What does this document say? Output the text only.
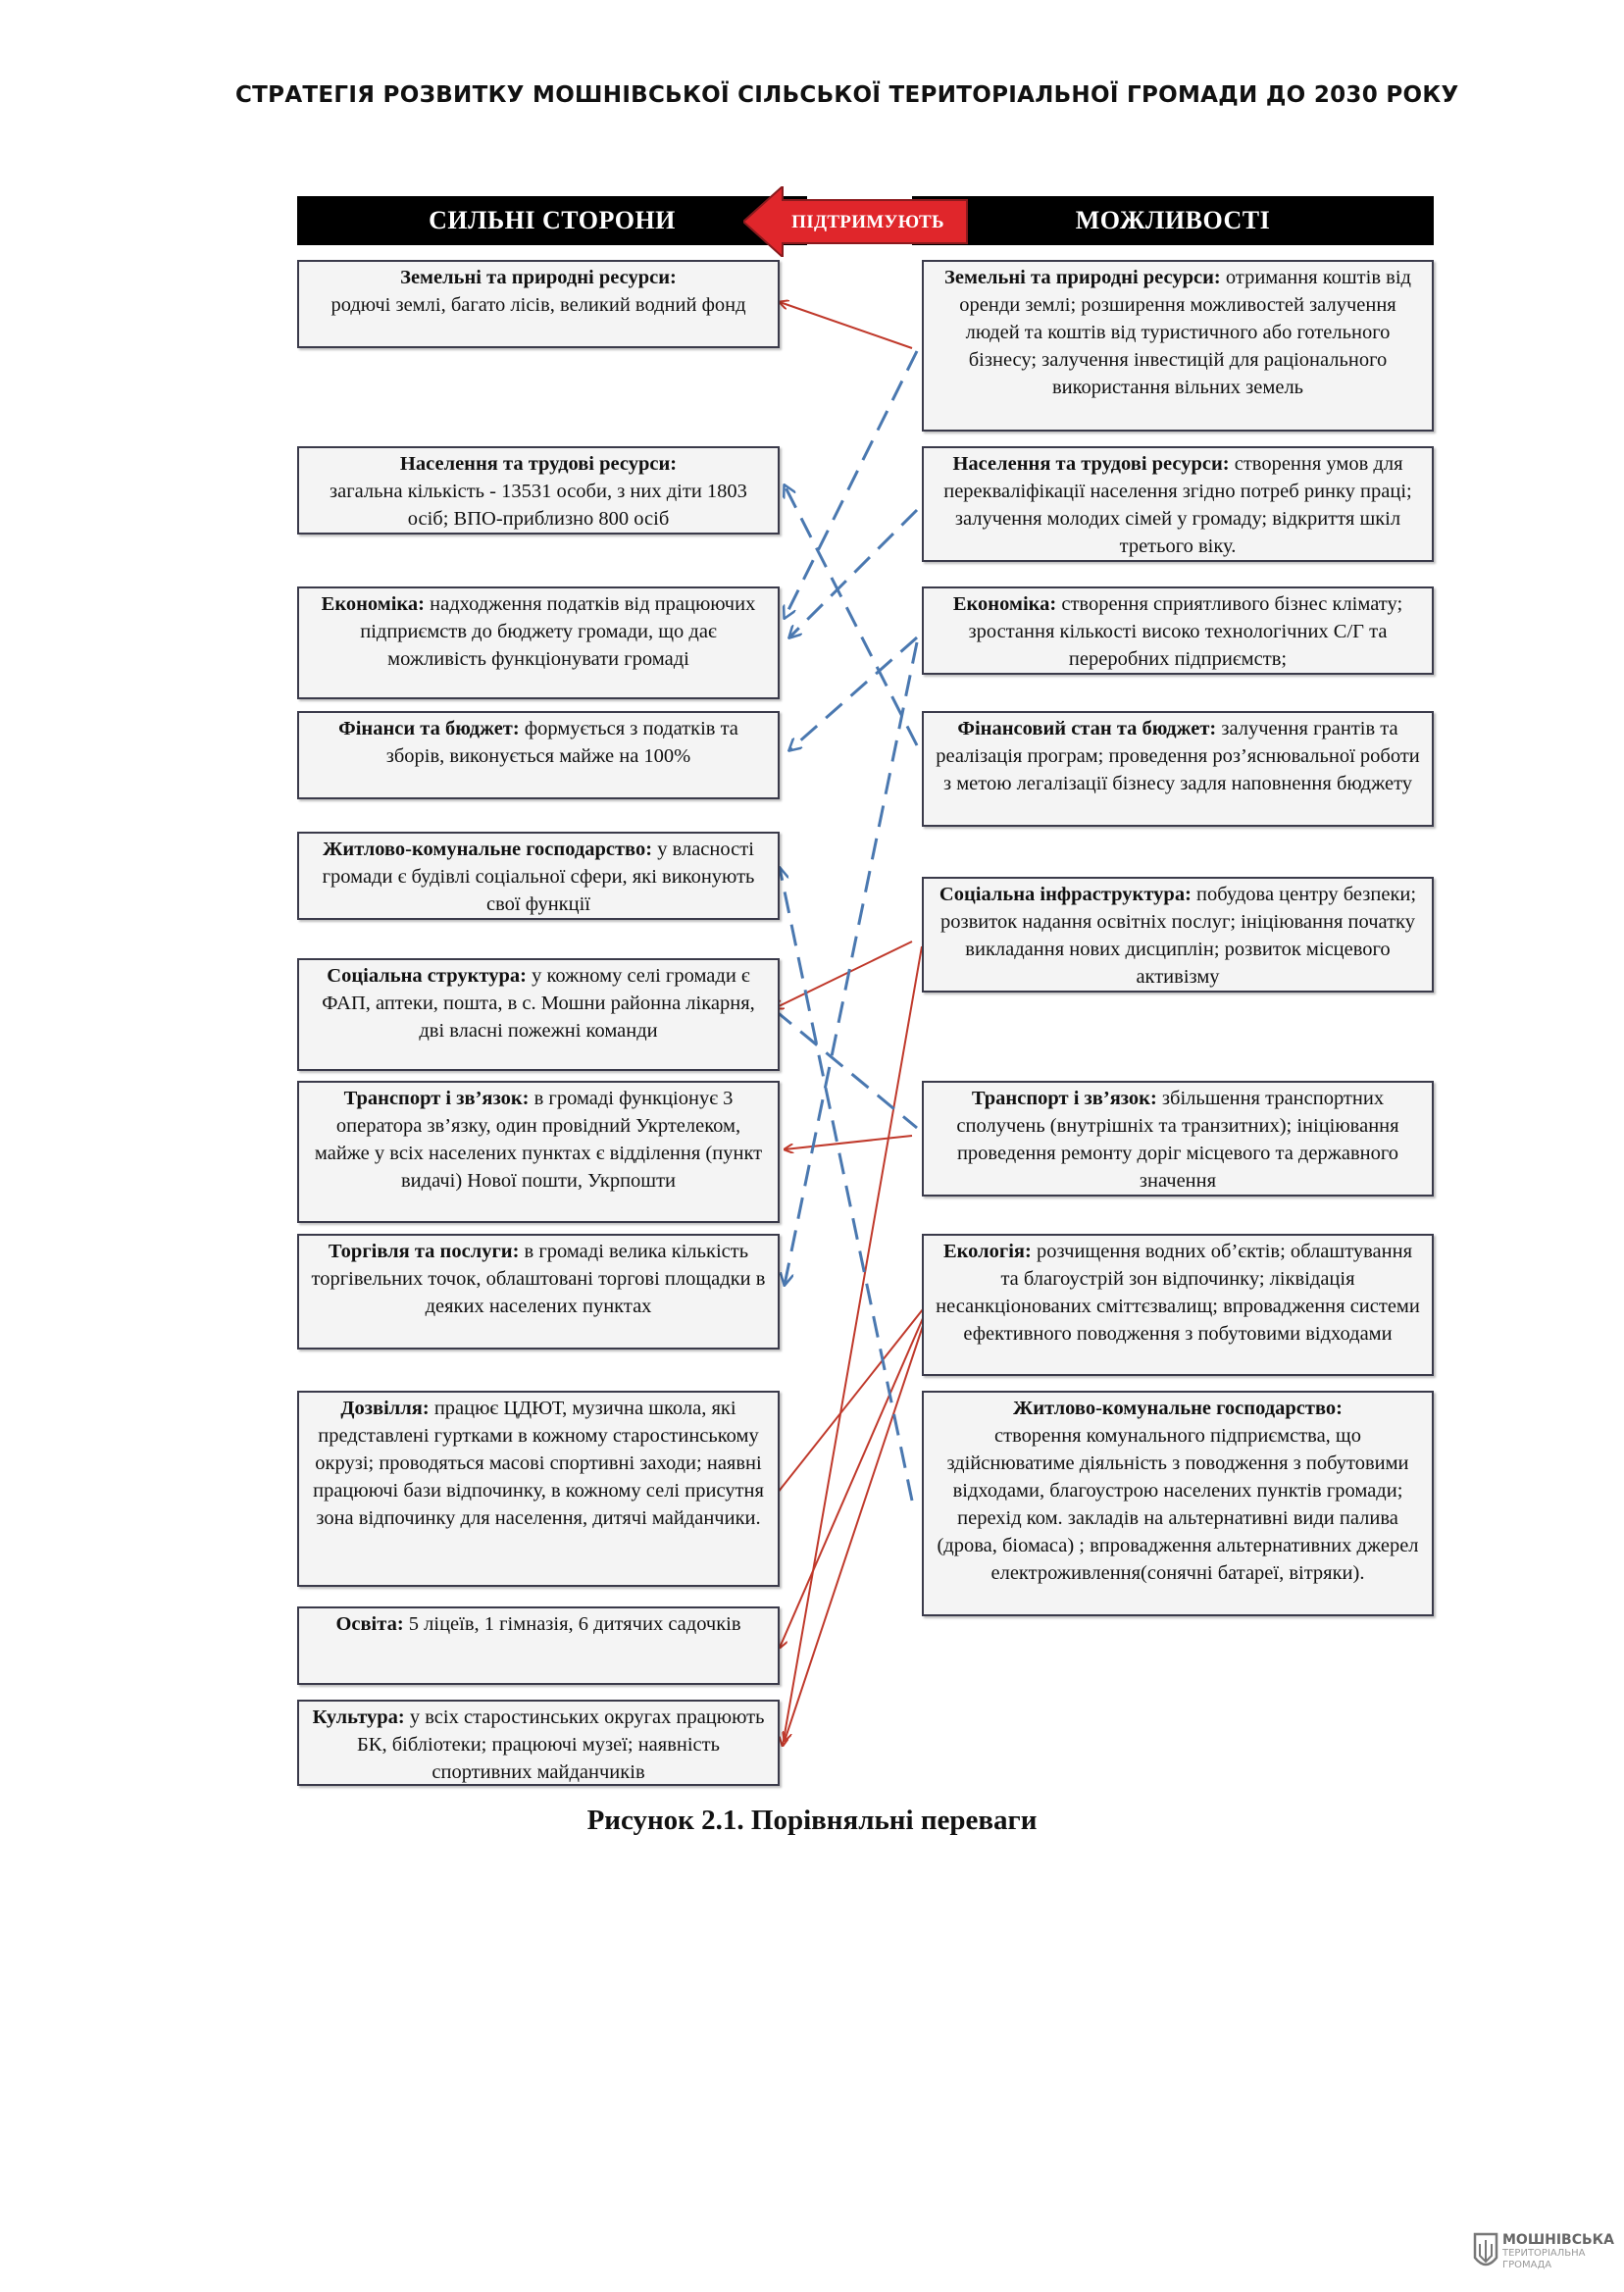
СТРАТЕГІЯ РОЗВИТКУ МОШНІВСЬКОЇ СІЛЬСЬКОЇ ТЕРИТОРІАЛЬНОЇ ГРОМАДИ ДО 2030 РОКУ
СИЛЬНІ СТОРОНИ	МОЖЛИВОСТІ
ПІДТРИМУЮТЬ
Земельні та природні ресурси:
родючі землі, багато лісів, великий водний фонд
Населення та трудові ресурси:
загальна кількість - 13531 особи, з них діти 1803 осіб; ВПО-приблизно 800 осіб
Економіка: надходження податків від працюючих підприємств до бюджету громади, що дає можливість функціонувати громаді
Фінанси та бюджет: формується з податків та зборів, виконується майже на 100%
Житлово-комунальне господарство: у власності громади є будівлі соціальної сфери, які виконують свої функції
Соціальна структура: у кожному селі громади є ФАП, аптеки, пошта, в с. Мошни районна лікарня, дві власні пожежні команди
Транспорт і зв’язок: в громаді функціонує 3 оператора зв’язку, один провідний Укртелеком, майже у всіх населених пунктах є відділення (пункт видачі) Нової пошти, Укрпошти
Торгівля та послуги: в громаді велика кількість торгівельних точок, облаштовані торгові площадки в деяких населених пунктах
Дозвілля: працює ЦДЮТ, музична школа, які представлені гуртками в кожному старостинському окрузі; проводяться масові спортивні заходи; наявні працюючі бази відпочинку, в кожному селі присутня зона відпочинку для населення, дитячі майданчики.
Освіта: 5 ліцеїв, 1 гімназія, 6 дитячих садочків
Культура: у всіх старостинських округах працюють БК, бібліотеки; працюючі музеї; наявність спортивних майданчиків
Земельні та природні ресурси: отримання коштів від оренди землі; розширення можливостей залучення людей та коштів від туристичного або готельного бізнесу; залучення інвестицій для раціонального використання вільних земель
Населення та трудові ресурси: створення умов для перекваліфікації населення згідно потреб ринку праці; залучення молодих сімей у громаду; відкриття шкіл третього віку.
Економіка: створення сприятливого бізнес клімату; зростання кількості високо технологічних С/Г та переробних підприємств;
Фінансовий стан та бюджет: залучення грантів та реалізація програм; проведення роз’яснювальної роботи з метою легалізації бізнесу задля наповнення бюджету
Соціальна інфраструктура: побудова центру безпеки; розвиток надання освітніх послуг; ініціювання початку викладання нових дисциплін; розвиток місцевого активізму
Транспорт і зв’язок: збільшення транспортних сполучень (внутрішніх та транзитних); ініціювання проведення ремонту доріг місцевого та державного значення
Екологія: розчищення водних об’єктів; облаштування та благоустрій зон відпочинку; ліквідація несанкціонованих сміттєзвалищ; впровадження системи ефективного поводження з побутовими відходами
Житлово-комунальне господарство:
створення комунального підприємства, що здійснюватиме діяльність з поводження з побутовими відходами, благоустрою населених пунктів громади; перехід ком. закладів на альтернативні види палива (дрова, біомаса) ; впровадження альтернативних джерел електроживлення(сонячні батареї, вітряки).
Рисунок 2.1. Порівняльні переваги
МОШНІВСЬКА
ТЕРИТОРІАЛЬНА ГРОМАДА
